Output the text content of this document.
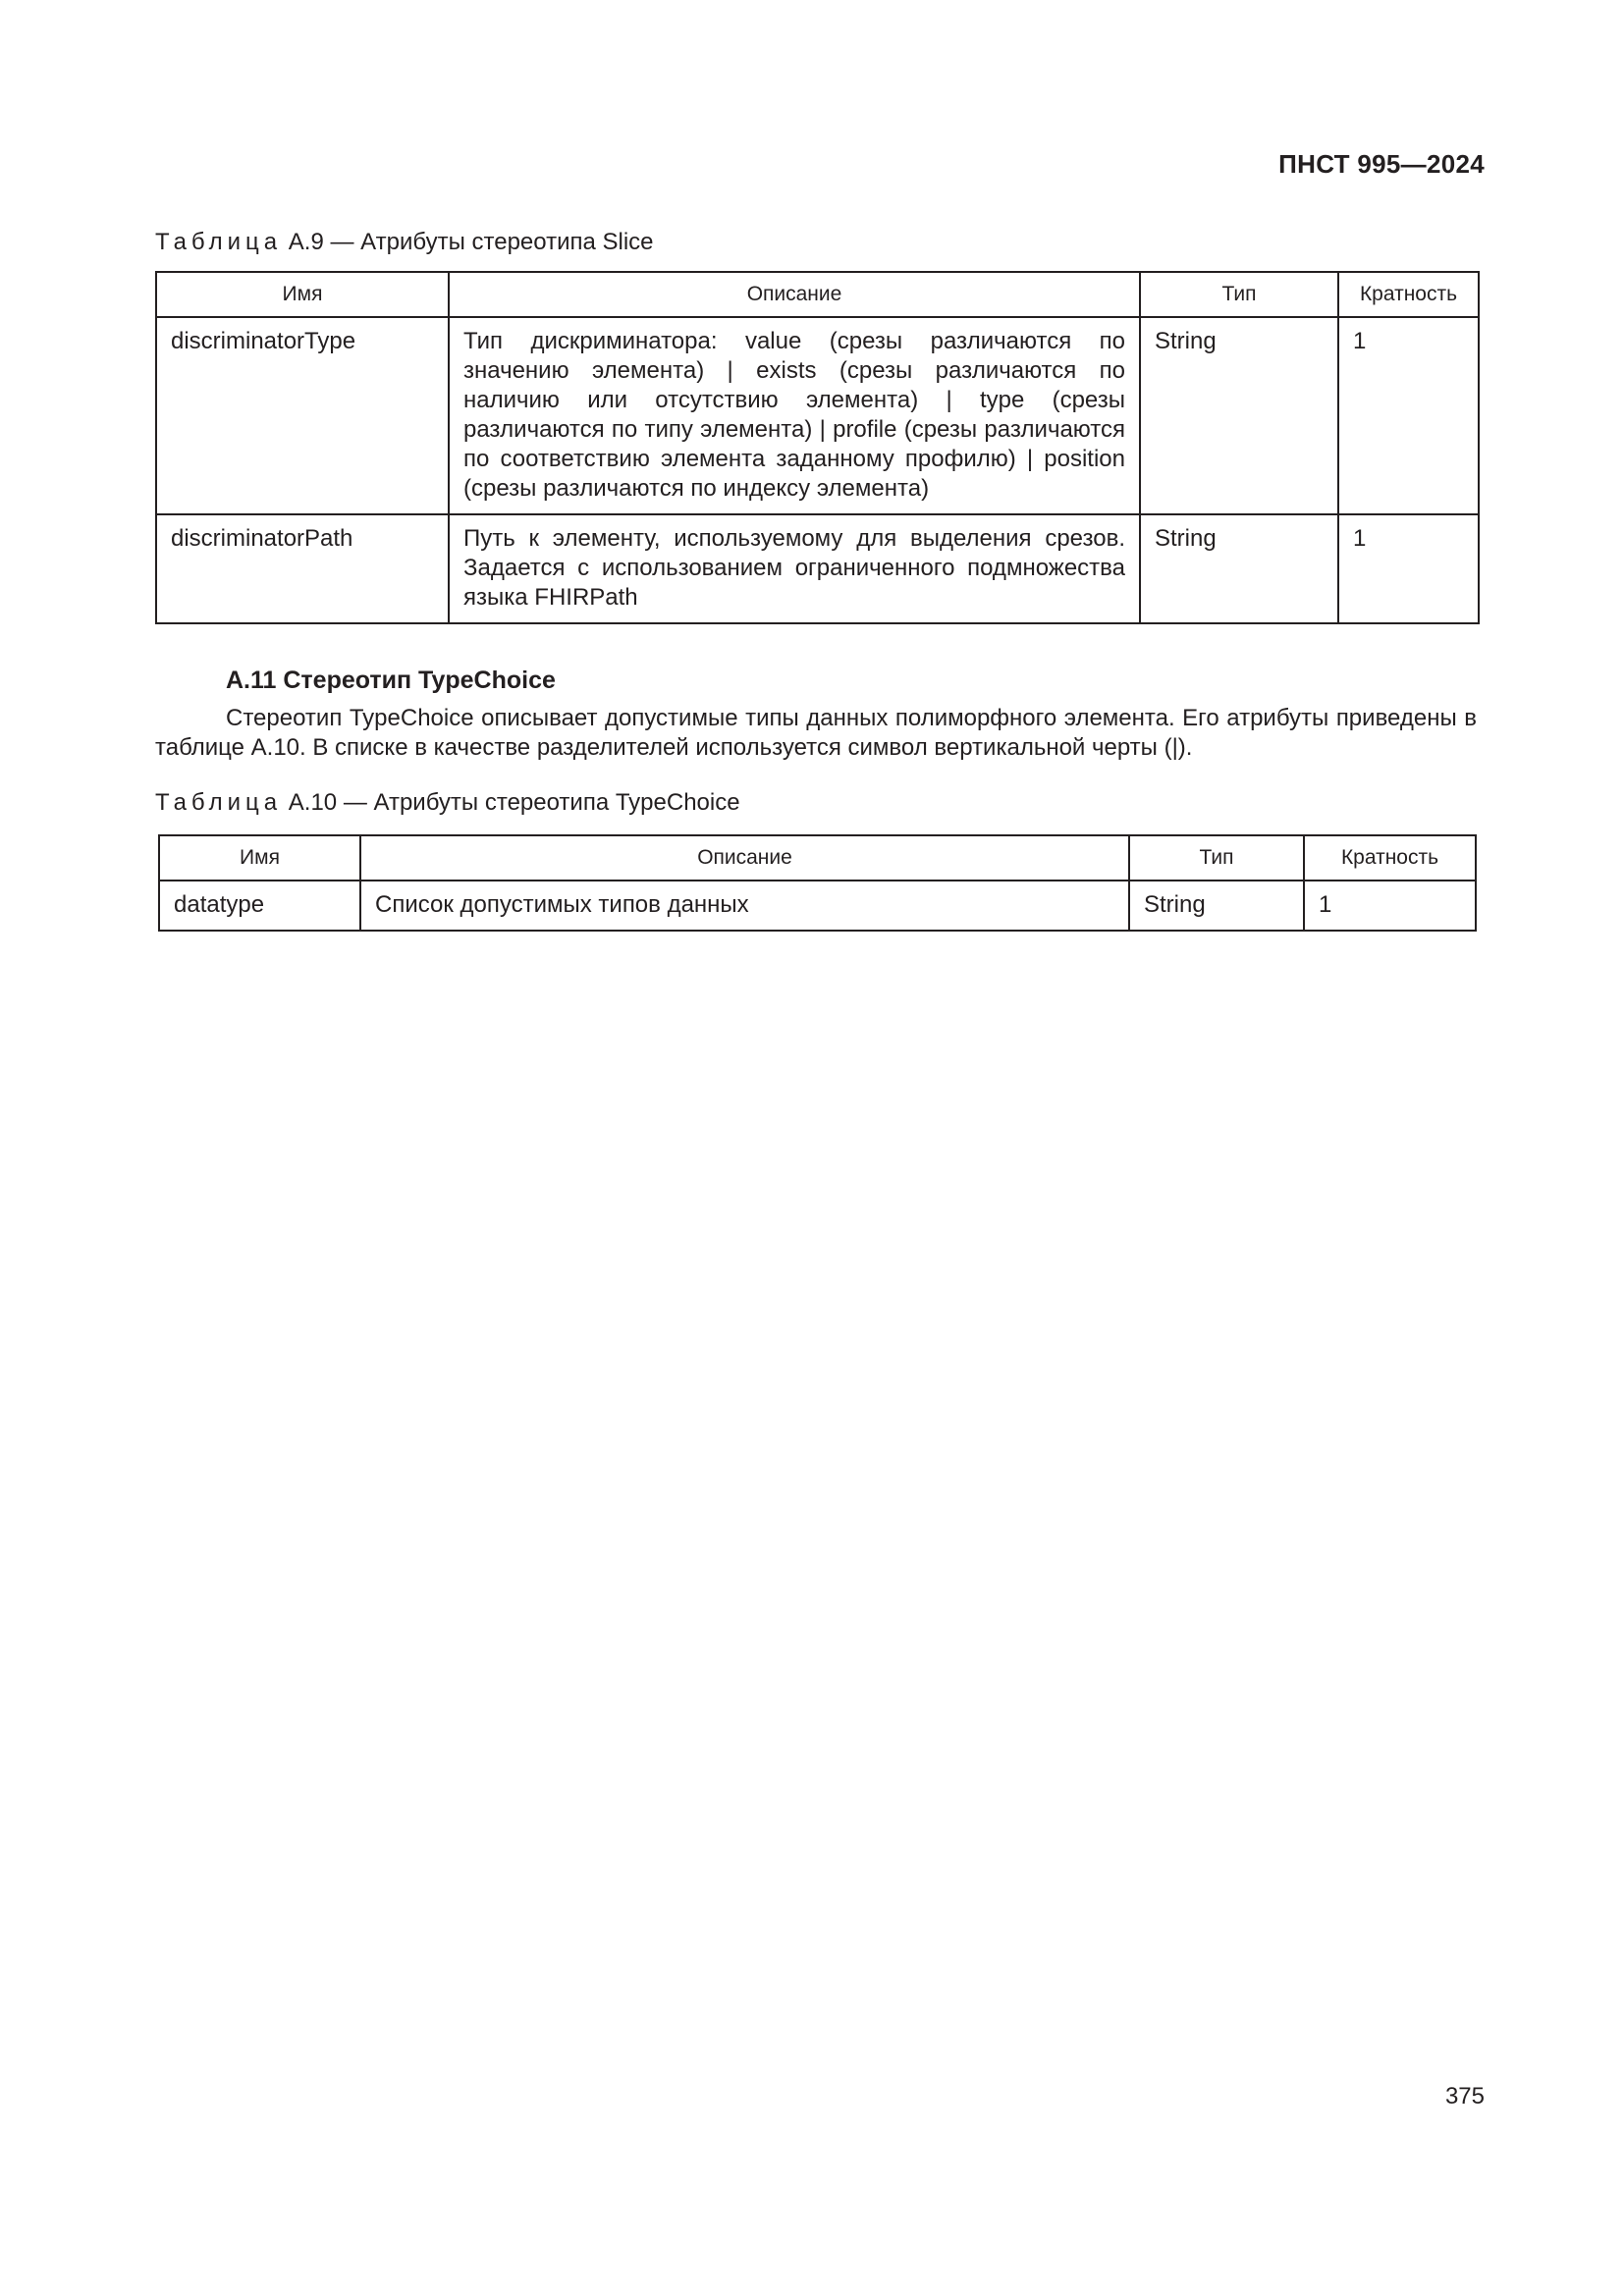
ПНСТ 995—2024
Таблица A.9 — Атрибуты стереотипа Slice
Имя	Описание	Тип	Кратность
discriminatorType	Тип дискриминатора: value (срезы различаются по значению элемента) | exists (срезы различаются по наличию или отсутствию элемента) | type (срезы различаются по типу элемента) | profile (срезы различаются по соответствию элемента заданному профилю) | position (срезы различаются по индексу элемента)	String	1
discriminatorPath	Путь к элементу, используемому для выделения срезов. Задается с использованием ограниченного подмножества языка FHIRPath	String	1
A.11 Стереотип TypeChoice
Стереотип TypeChoice описывает допустимые типы данных полиморфного элемента. Его атрибуты приведены в таблице A.10. В списке в качестве разделителей используется символ вертикальной черты (|).
Таблица A.10 — Атрибуты стереотипа TypeChoice
Имя	Описание	Тип	Кратность
datatype	Список допустимых типов данных	String	1
375
